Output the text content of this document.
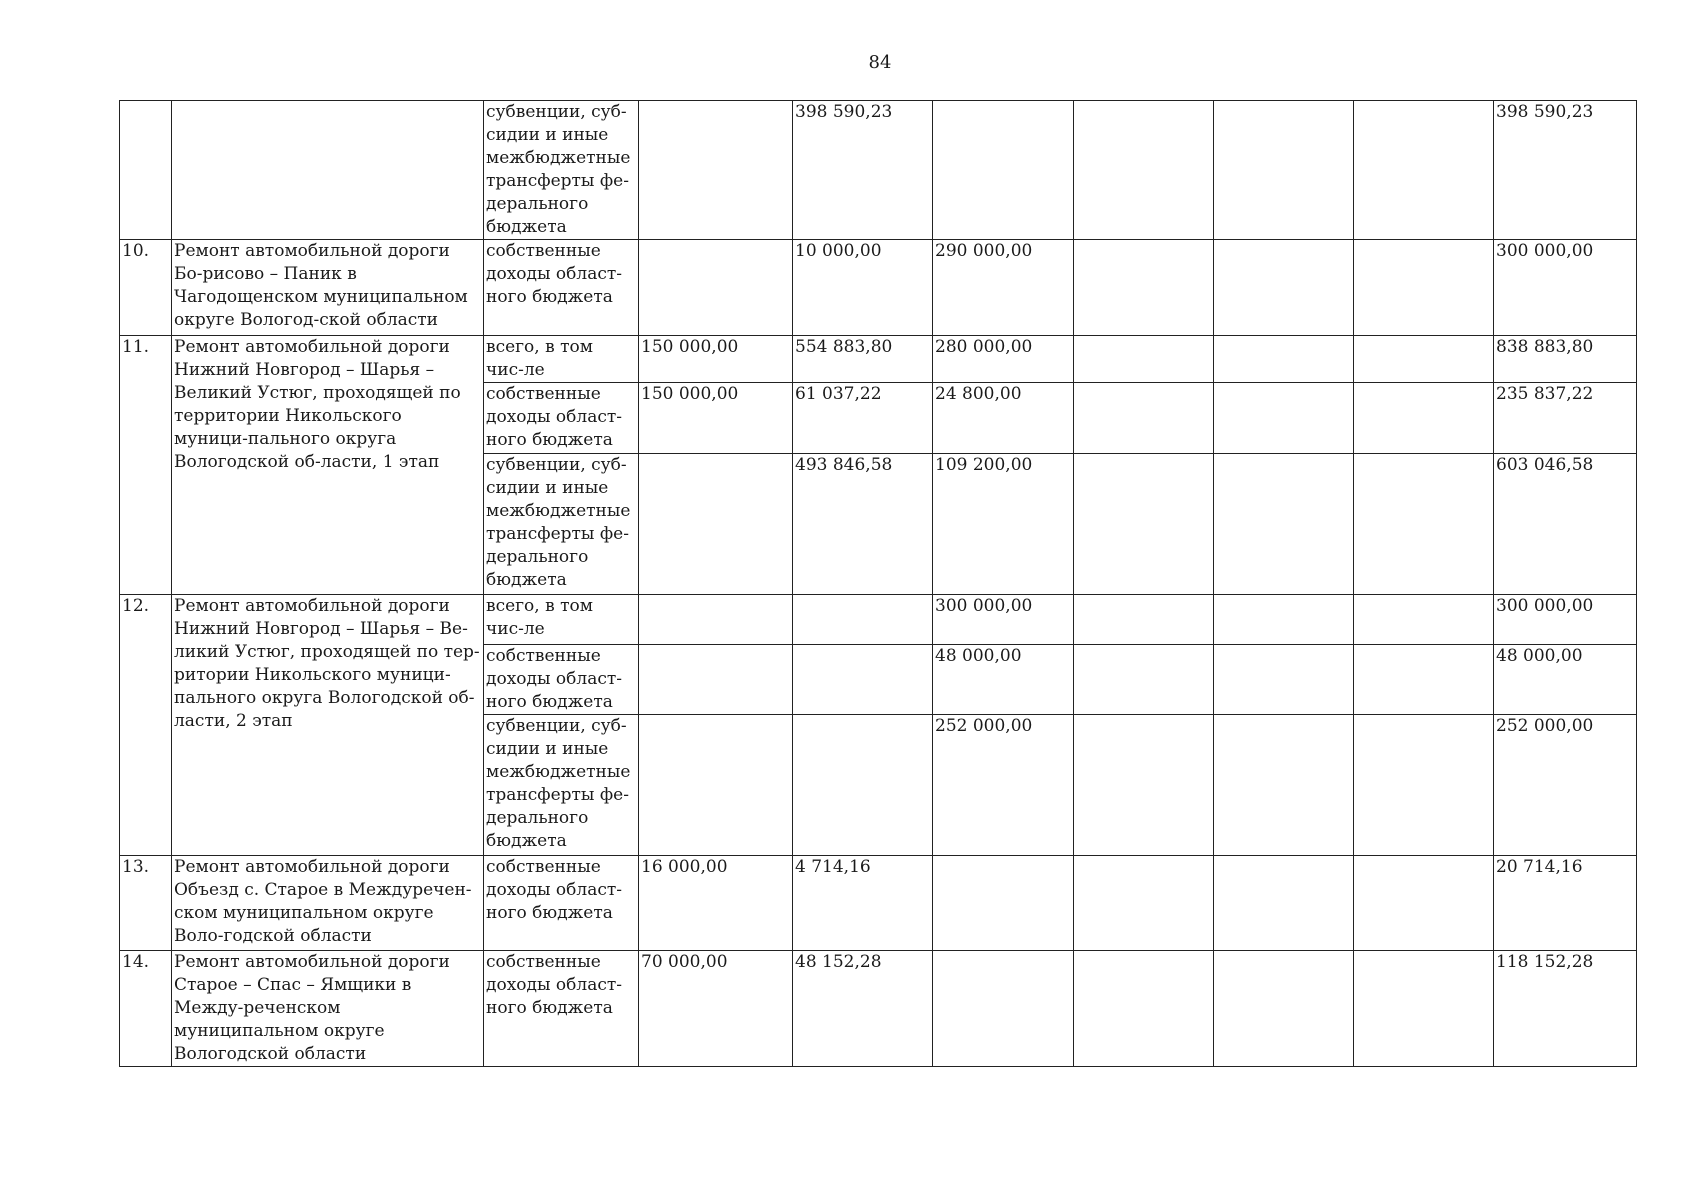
84
		субвенции, суб-сидии и иные межбюджетные трансферты фе-дерального бюджета		398 590,23					398 590,23
10.	Ремонт автомобильной дороги Бо-рисово – Паник в Чагодощенском муниципальном округе Вологод-ской области	собственные доходы област-ного бюджета		10 000,00	290 000,00				300 000,00
11.	Ремонт автомобильной дороги Нижний Новгород – Шарья – Великий Устюг, проходящей по территории Никольского муници-пального округа Вологодской об-ласти, 1 этап	всего, в том чис-ле	150 000,00	554 883,80	280 000,00				838 883,80
		собственные доходы област-ного бюджета	150 000,00	61 037,22	24 800,00				235 837,22
		субвенции, суб-сидии и иные межбюджетные трансферты фе-дерального бюджета		493 846,58	109 200,00				603 046,58
12.	Ремонт автомобильной дороги Нижний Новгород – Шарья – Ве-ликий Устюг, проходящей по тер-ритории Никольского муници-пального округа Вологодской об-ласти, 2 этап	всего, в том чис-ле			300 000,00				300 000,00
		собственные доходы област-ного бюджета			48 000,00				48 000,00
		субвенции, суб-сидии и иные межбюджетные трансферты фе-дерального бюджета			252 000,00				252 000,00
13.	Ремонт автомобильной дороги Объезд с. Старое в Междуречен-ском муниципальном округе Воло-годской области	собственные доходы област-ного бюджета	16 000,00	4 714,16					20 714,16
14.	Ремонт автомобильной дороги Старое – Спас – Ямщики в Между-реченском муниципальном округе Вологодской области	собственные доходы област-ного бюджета	70 000,00	48 152,28					118 152,28
